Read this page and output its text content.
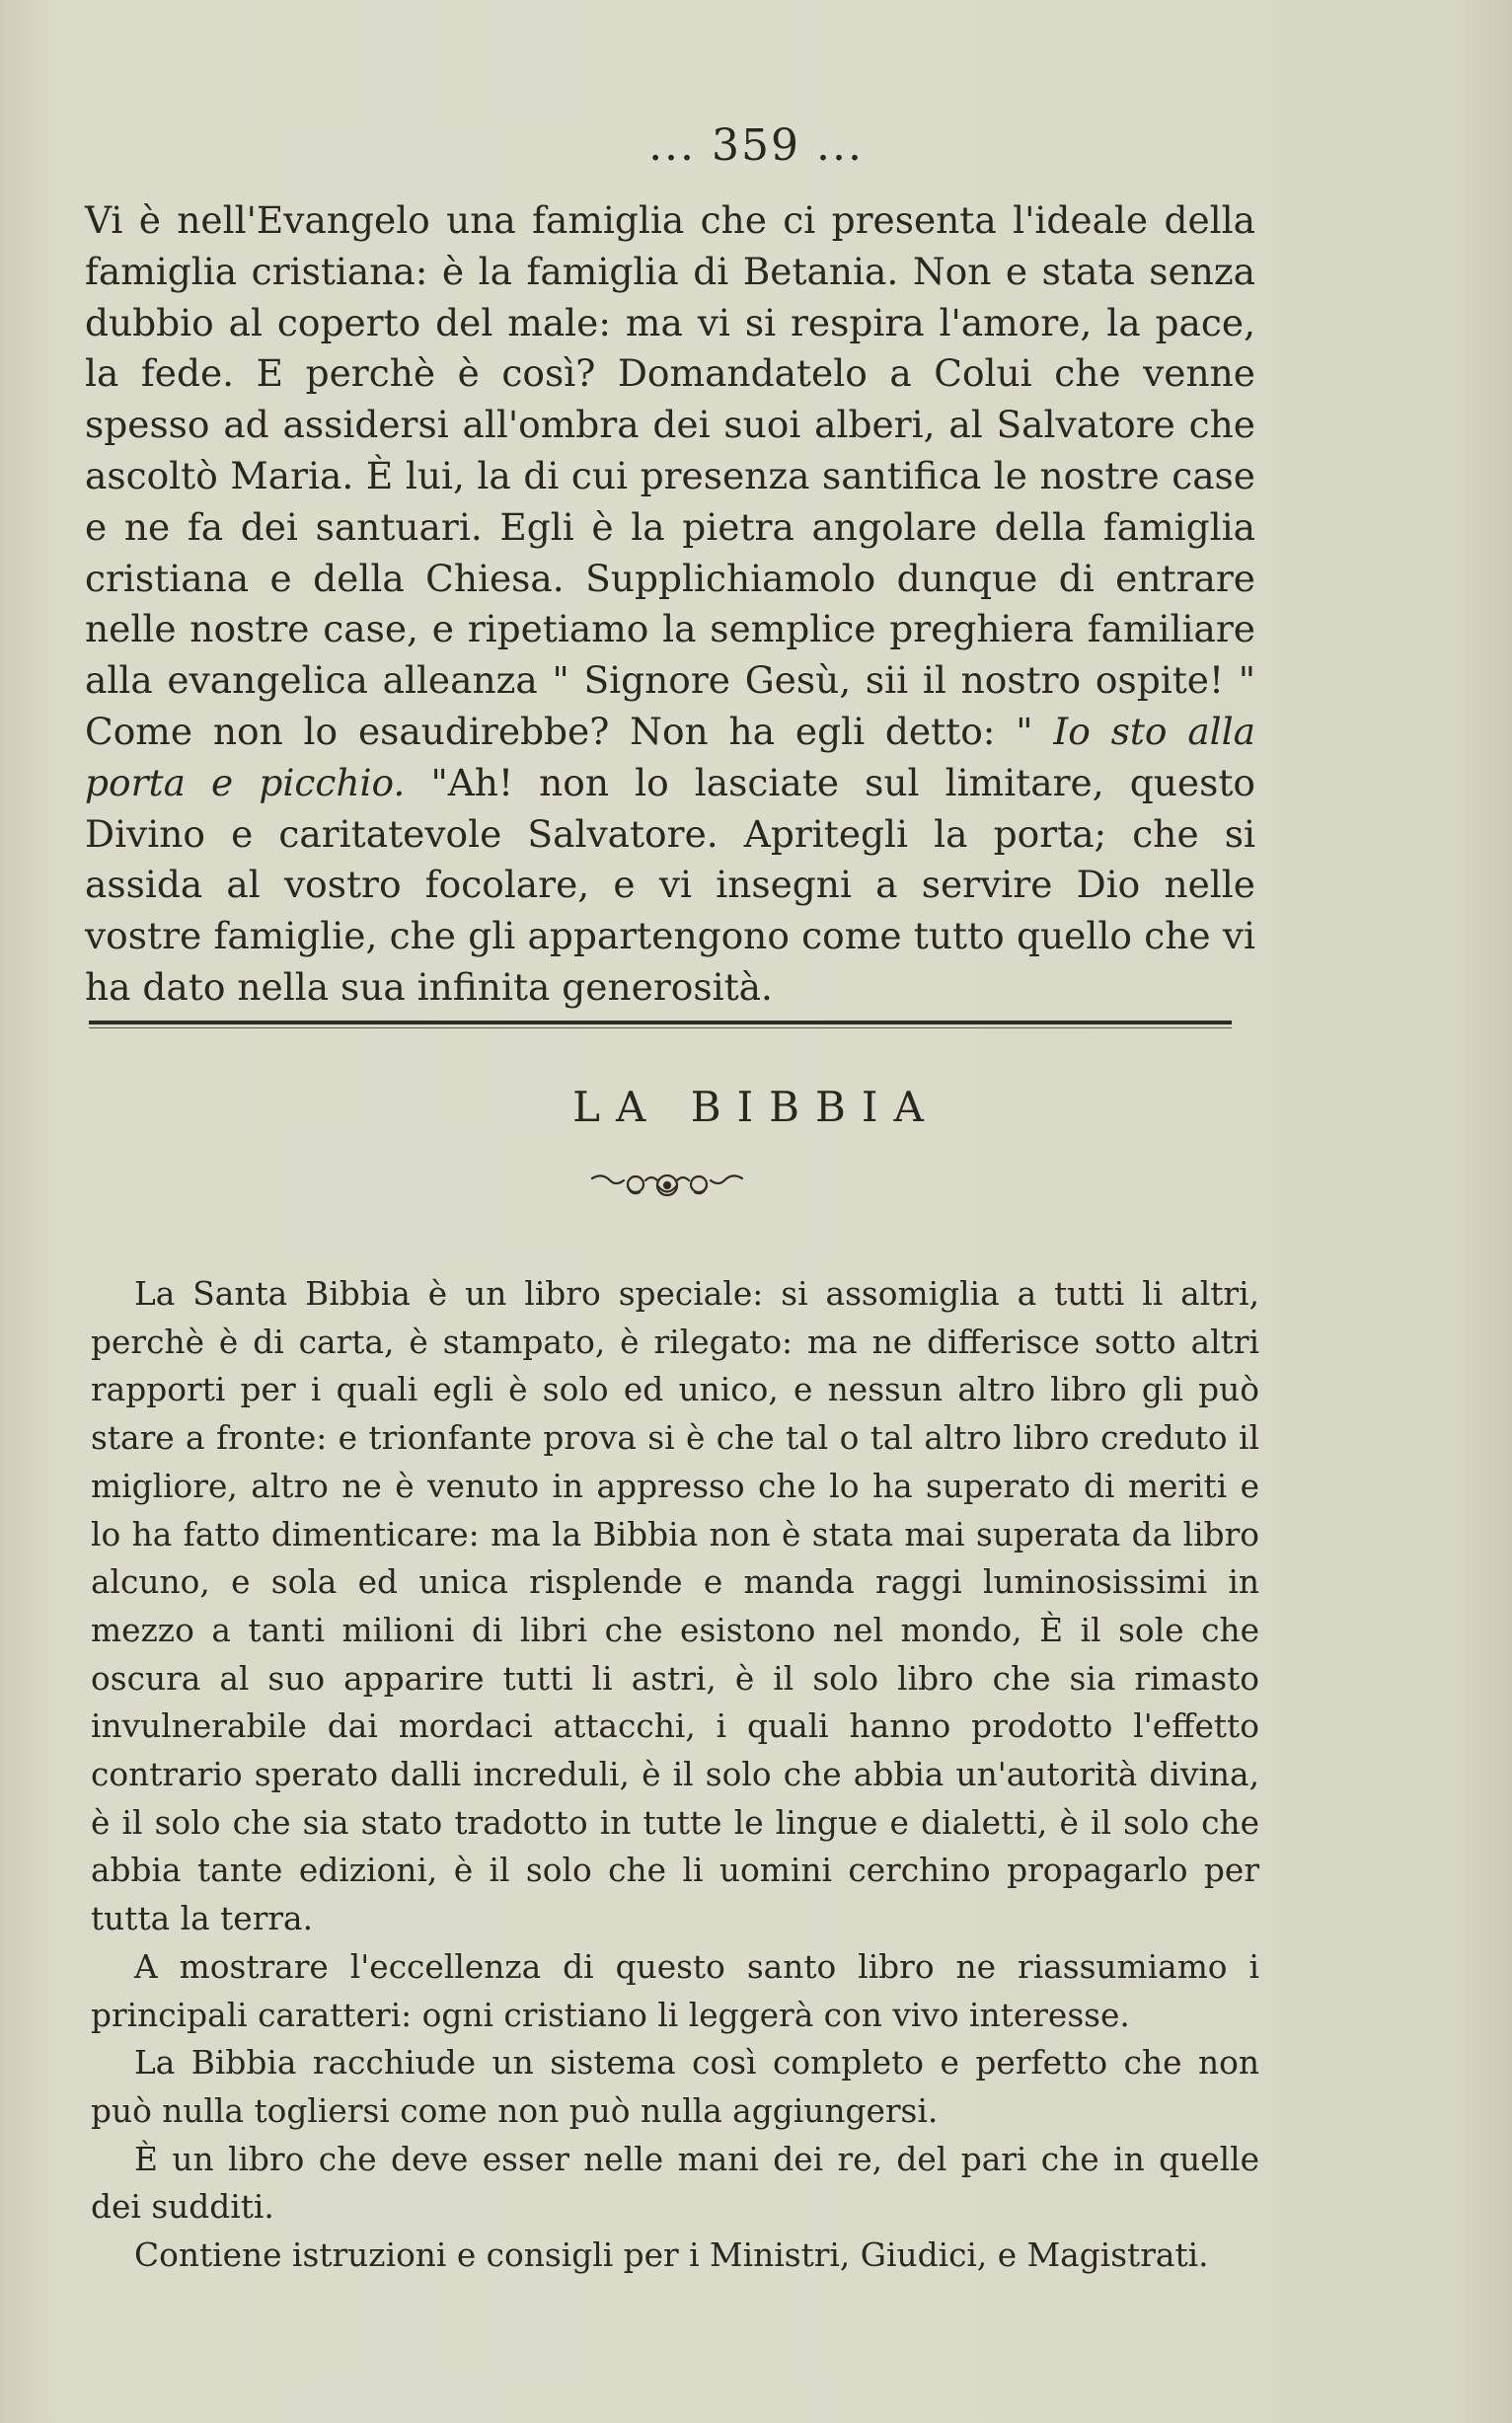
... 359 ...
Vi è nell'Evangelo una famiglia che ci presenta l'ideale della famiglia cristiana: è la famiglia di Betania. Non e stata senza dubbio al coperto del male: ma vi si respira l'amore, la pace, la fede. E perchè è così? Domandatelo a Colui che venne spesso ad assidersi all'ombra dei suoi alberi, al Salvatore che ascoltò Maria. È lui, la di cui presenza santifica le nostre case e ne fa dei santuari. Egli è la pietra angolare della famiglia cristiana e della Chiesa. Supplichiamolo dunque di entrare nelle nostre case, e ripetiamo la semplice preghiera familiare alla evangelica alleanza " Signore Gesù, sii il nostro ospite! " Come non lo esaudirebbe? Non ha egli detto: " Io sto alla porta e picchio. "Ah! non lo lasciate sul limitare, questo Divino e caritatevole Salvatore. Apritegli la porta; che si assida al vostro focolare, e vi insegni a servire Dio nelle vostre famiglie, che gli appartengono come tutto quello che vi ha dato nella sua infinita generosità.
LA BIBBIA
La Santa Bibbia è un libro speciale: si assomiglia a tutti li altri, perchè è di carta, è stampato, è rilegato: ma ne differisce sotto altri rapporti per i quali egli è solo ed unico, e nessun altro libro gli può stare a fronte: e trionfante prova si è che tal o tal altro libro creduto il migliore, altro ne è venuto in appresso che lo ha superato di meriti e lo ha fatto dimenticare: ma la Bibbia non è stata mai superata da libro alcuno, e sola ed unica risplende e manda raggi luminosissimi in mezzo a tanti milioni di libri che esistono nel mondo, È il sole che oscura al suo apparire tutti li astri, è il solo libro che sia rimasto invulnerabile dai mordaci attacchi, i quali hanno prodotto l'effetto contrario sperato dalli increduli, è il solo che abbia un'autorità divina, è il solo che sia stato tradotto in tutte le lingue e dialetti, è il solo che abbia tante edizioni, è il solo che li uomini cerchino propagarlo per tutta la terra.
A mostrare l'eccellenza di questo santo libro ne riassumiamo i principali caratteri: ogni cristiano li leggerà con vivo interesse.
La Bibbia racchiude un sistema così completo e perfetto che non può nulla togliersi come non può nulla aggiungersi.
È un libro che deve esser nelle mani dei re, del pari che in quelle dei sudditi.
Contiene istruzioni e consigli per i Ministri, Giudici, e Magistrati.
